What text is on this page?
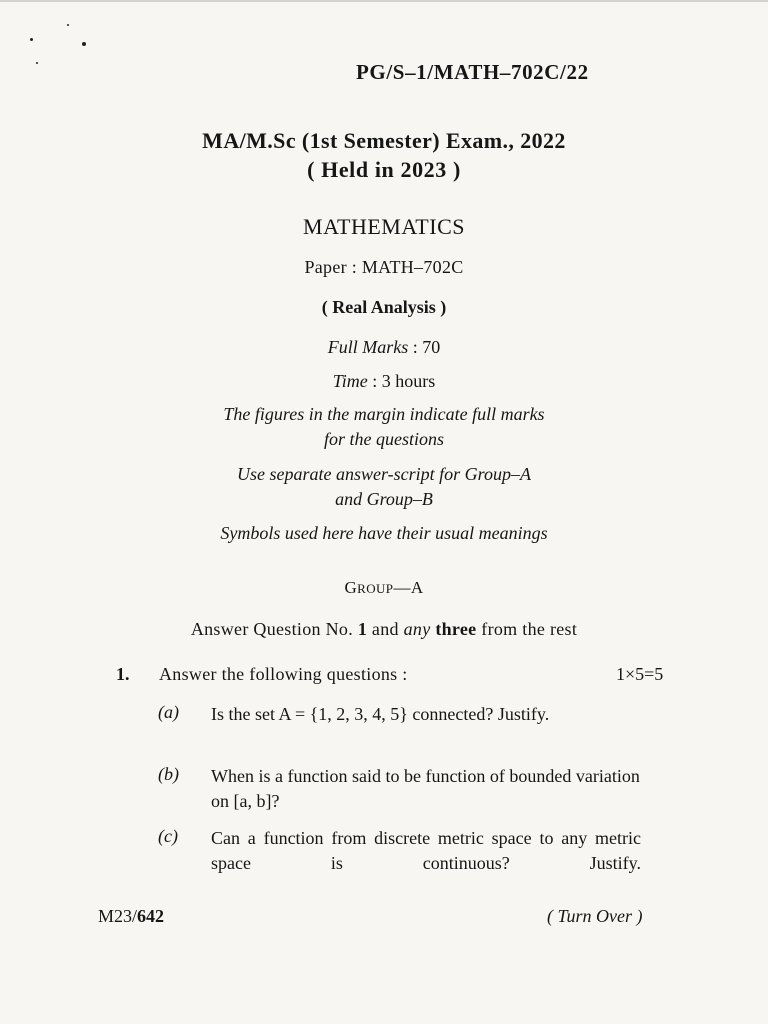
PG/S–1/MATH–702C/22
MA/M.Sc (1st Semester) Exam., 2022
( Held in 2023 )
MATHEMATICS
Paper : MATH–702C
( Real Analysis )
Full Marks : 70
Time : 3 hours
The figures in the margin indicate full marks
for the questions
Use separate answer-script for Group–A
and Group–B
Symbols used here have their usual meanings
GROUP—A
Answer Question No. 1 and any three from the rest
1. Answer the following questions :	1×5=5
(a) Is the set A = {1, 2, 3, 4, 5} connected? Justify.
(b) When is a function said to be function of bounded variation on [a, b]?
(c) Can a function from discrete metric space to any metric space is continuous? Justify.
M23/642	( Turn Over )
